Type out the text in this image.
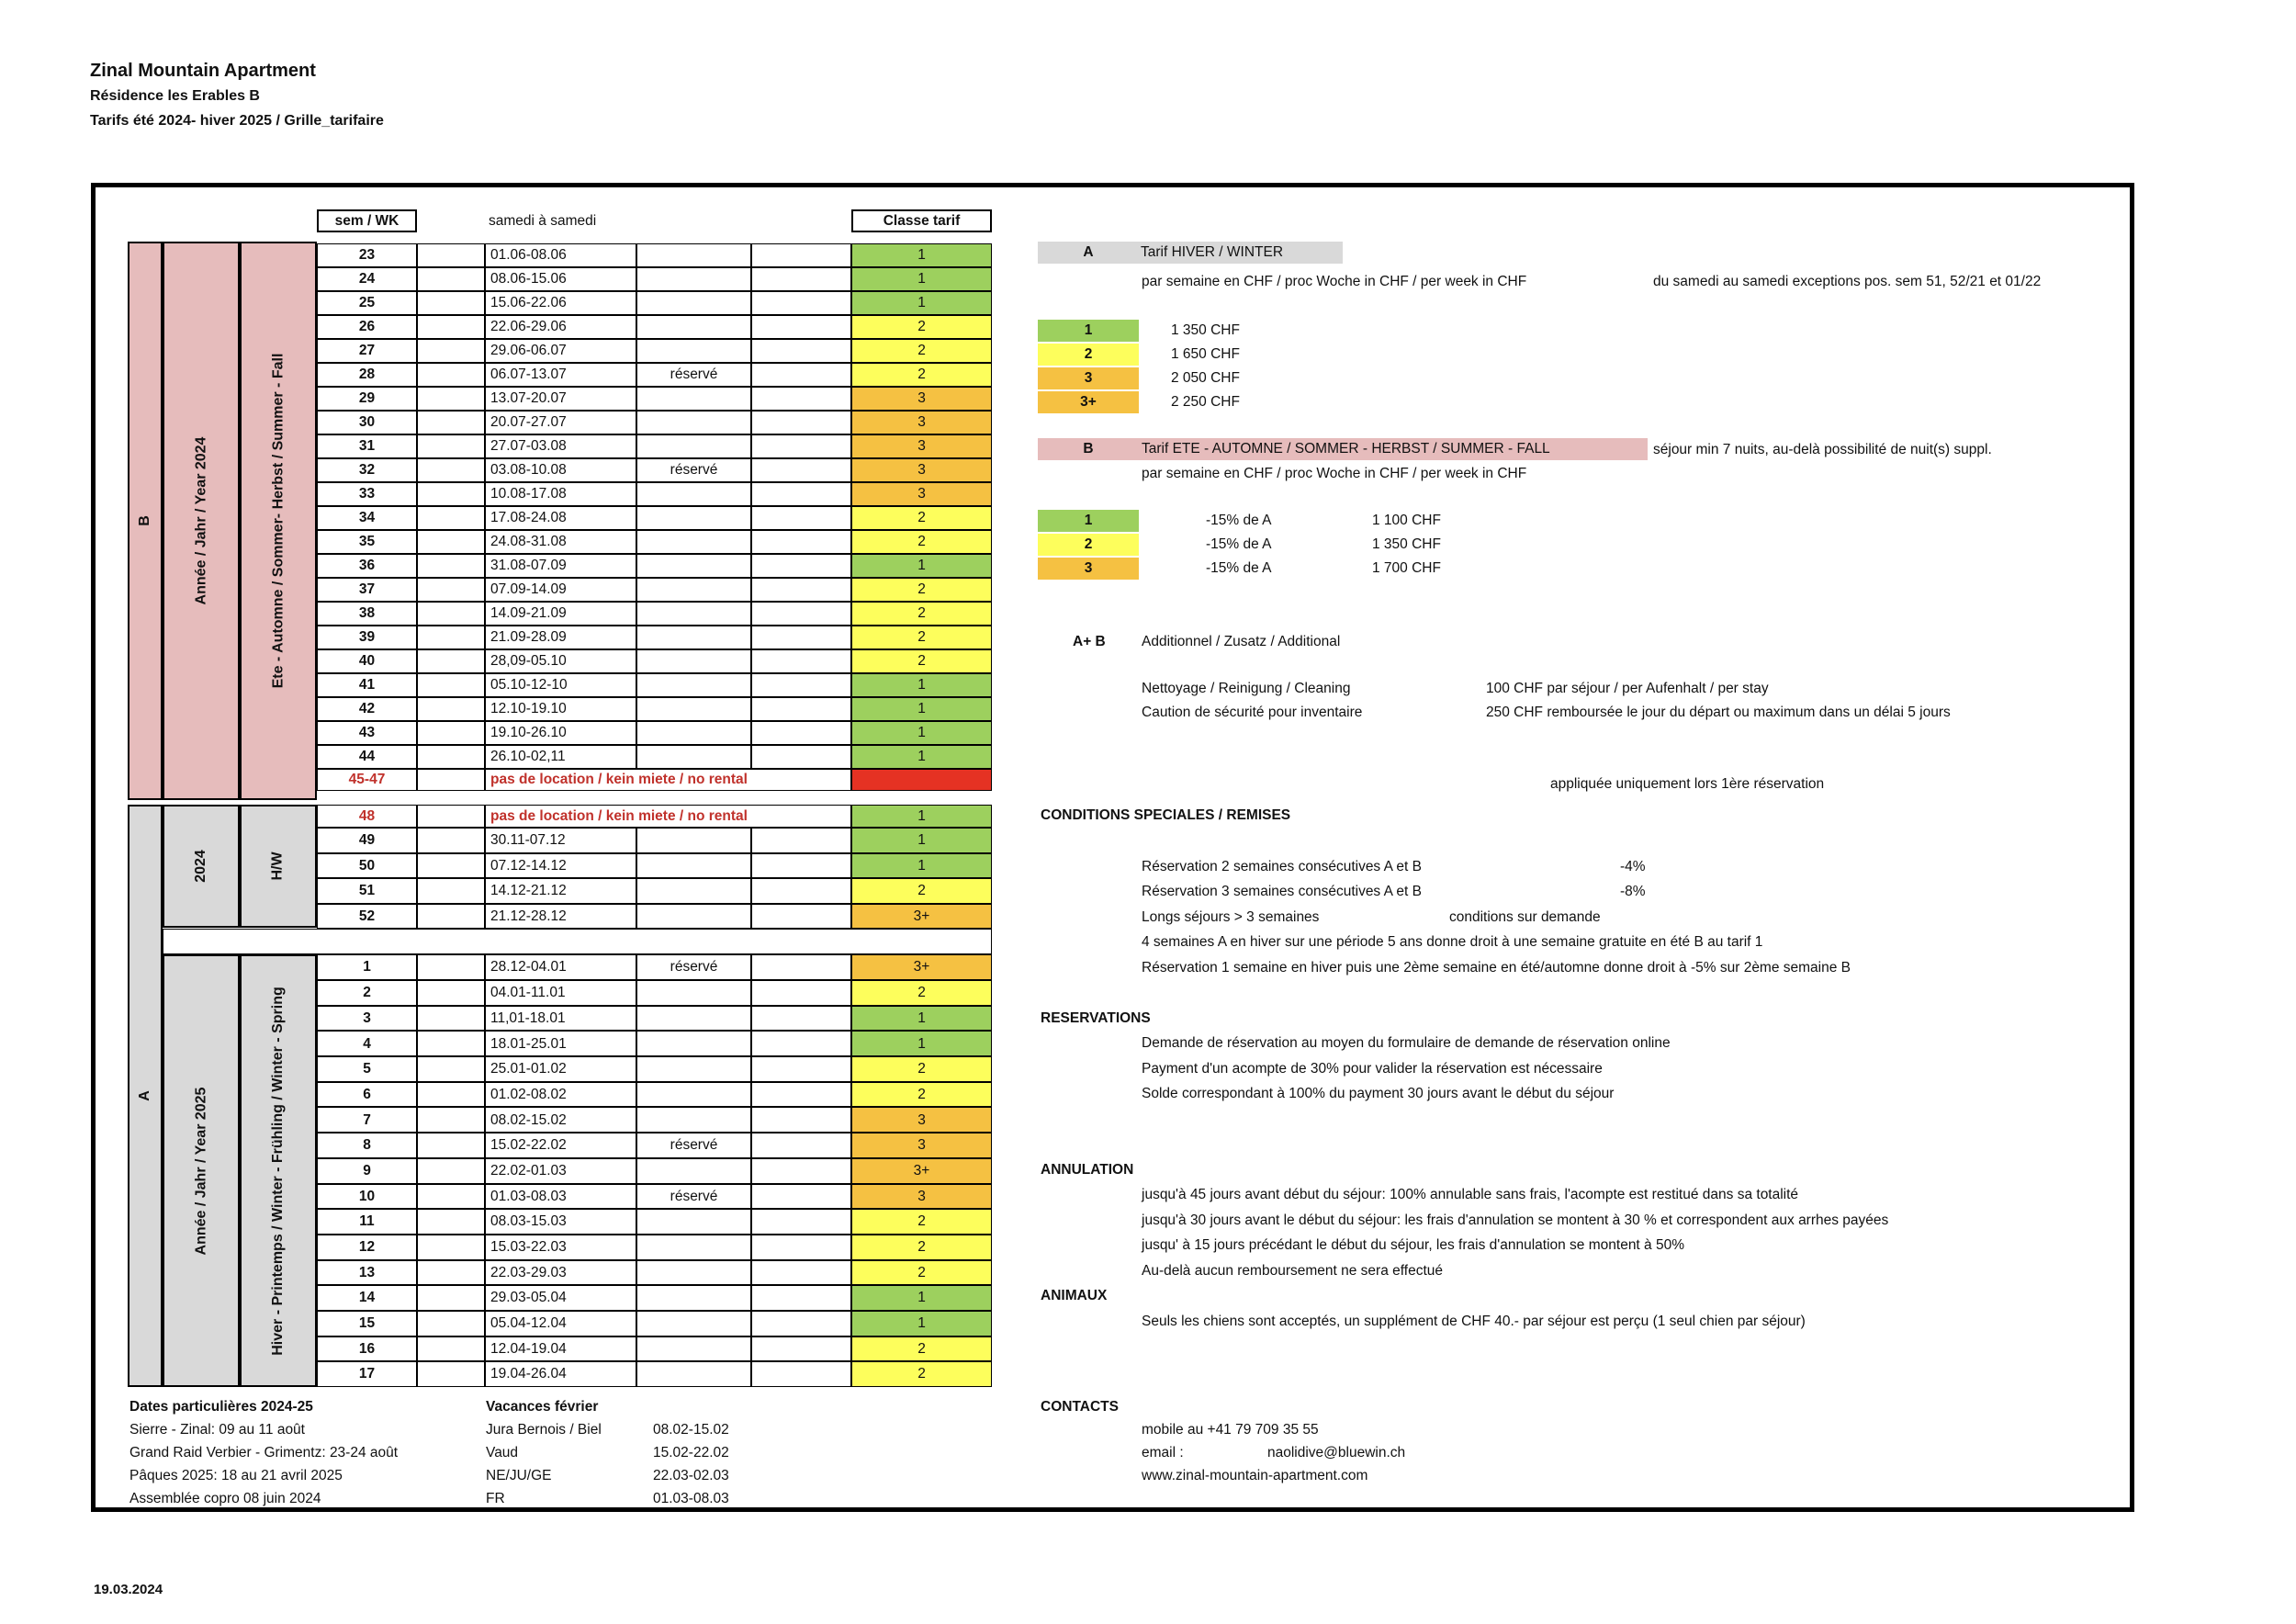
Zinal Mountain Apartment
Résidence les Erables B
Tarifs été 2024- hiver 2025 / Grille_tarifaire
sem / WK	samedi à samedi	Classe tarif
B	Année / Jahr / Year 2024	Ete - Automne / Sommer- Herbst / Summer - Fall
23	01.06-08.06	1
24	08.06-15.06	1
25	15.06-22.06	1
26	22.06-29.06	2
27	29.06-06.07	2
28	06.07-13.07	réservé	2
29	13.07-20.07	3
30	20.07-27.07	3
31	27.07-03.08	3
32	03.08-10.08	réservé	3
33	10.08-17.08	3
34	17.08-24.08	2
35	24.08-31.08	2
36	31.08-07.09	1
37	07.09-14.09	2
38	14.09-21.09	2
39	21.09-28.09	2
40	28,09-05.10	2
41	05.10-12-10	1
42	12.10-19.10	1
43	19.10-26.10	1
44	26.10-02,11	1
45-47	pas de location / kein miete / no rental
A
48	pas de location / kein miete / no rental	1
2024	H/W
49	30.11-07.12	1
50	07.12-14.12	1
51	14.12-21.12	2
52	21.12-28.12	3+
Année / Jahr / Year 2025	Hiver - Printemps / Winter - Frühling / Winter - Spring
1	28.12-04.01	réservé	3+
2	04.01-11.01	2
3	11,01-18.01	1
4	18.01-25.01	1
5	25.01-01.02	2
6	01.02-08.02	2
7	08.02-15.02	3
8	15.02-22.02	réservé	3
9	22.02-01.03	3+
10	01.03-08.03	réservé	3
11	08.03-15.03	2
12	15.03-22.03	2
13	22.03-29.03	2
14	29.03-05.04	1
15	05.04-12.04	1
16	12.04-19.04	2
17	19.04-26.04	2
A	Tarif HIVER / WINTER
par semaine en CHF / proc Woche in CHF / per week in CHF	du samedi au samedi exceptions pos. sem 51, 52/21 et 01/22
1	1 350 CHF
2	1 650 CHF
3	2 050 CHF
3+	2 250 CHF
B	Tarif ETE - AUTOMNE / SOMMER - HERBST / SUMMER - FALL	séjour min 7 nuits, au-delà possibilité de nuit(s) suppl.
par semaine en CHF / proc Woche in CHF / per week in CHF
1	-15% de A	1 100 CHF
2	-15% de A	1 350 CHF
3	-15% de A	1 700 CHF
A+ B	Additionnel / Zusatz / Additional
Nettoyage / Reinigung / Cleaning	100 CHF par séjour / per Aufenhalt / per stay
Caution de sécurité pour inventaire	250 CHF remboursée le jour du départ ou maximum dans un délai 5 jours
appliquée uniquement lors 1ère réservation
CONDITIONS SPECIALES / REMISES
Réservation 2 semaines consécutives A et B	-4%
Réservation 3 semaines consécutives A et B	-8%
Longs séjours > 3 semaines	conditions sur demande
4 semaines A en hiver sur une période 5 ans donne droit à une semaine gratuite en été B au tarif 1
Réservation 1 semaine en hiver puis une 2ème semaine en été/automne donne droit à -5% sur 2ème semaine B
RESERVATIONS
Demande de réservation au moyen du formulaire de demande de réservation online
Payment d'un acompte de 30% pour valider la réservation est nécessaire
Solde correspondant à 100% du payment 30 jours avant le début du séjour
ANNULATION
jusqu'à 45 jours avant début du séjour: 100% annulable sans frais, l'acompte est restitué dans sa totalité
jusqu'à 30 jours avant le début du séjour: les frais d'annulation se montent à 30 % et correspondent aux arrhes payées
jusqu' à 15 jours précédant le début du séjour, les frais d'annulation se montent à 50%
Au-delà aucun remboursement ne sera effectué
ANIMAUX
Seuls les chiens sont acceptés, un supplément de CHF 40.- par séjour est perçu (1 seul chien par séjour)
Dates particulières 2024-25
Sierre - Zinal: 09 au 11 août
Grand Raid Verbier - Grimentz: 23-24 août
Pâques 2025: 18 au 21 avril 2025
Assemblée copro 08 juin 2024
Vacances février
Jura Bernois / Biel	08.02-15.02
Vaud	15.02-22.02
NE/JU/GE	22.03-02.03
FR	01.03-08.03
CONTACTS
mobile au +41 79 709 35 55
email :	naolidive@bluewin.ch
www.zinal-mountain-apartment.com
19.03.2024
